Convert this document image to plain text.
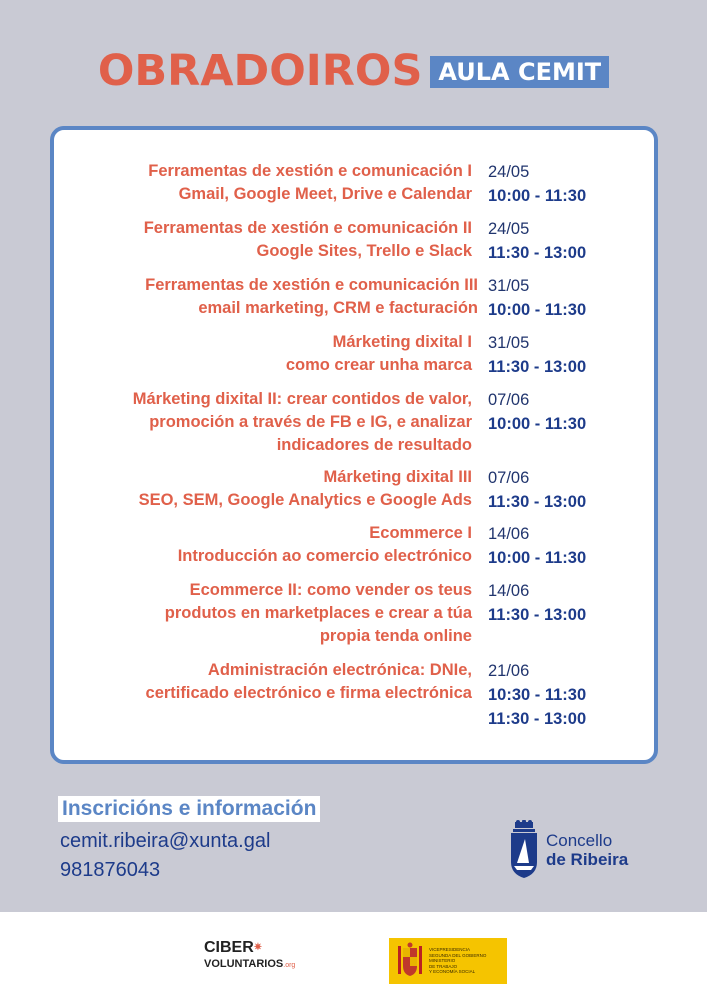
OBRADOIROS AULA CEMIT
Ferramentas de xestión e comunicación I
Gmail, Google Meet, Drive e Calendar
24/05
10:00 - 11:30
Ferramentas de xestión e comunicación II
Google Sites, Trello e Slack
24/05
11:30 - 13:00
Ferramentas de xestión e comunicación III
email marketing, CRM e facturación
31/05
10:00 - 11:30
Márketing dixital I
como crear unha marca
31/05
11:30 - 13:00
Márketing dixital II: crear contidos de valor,
promoción a través de FB e IG, e analizar
indicadores de resultado
07/06
10:00 - 11:30
Márketing dixital III
SEO, SEM, Google Analytics e Google Ads
07/06
11:30 - 13:00
Ecommerce I
Introducción ao comercio electrónico
14/06
10:00 - 11:30
Ecommerce II: como vender os teus
produtos en marketplaces e crear a túa
propia tenda online
14/06
11:30 - 13:00
Administración electrónica: DNIe,
certificado electrónico e firma electrónica
21/06
10:30 - 11:30
11:30 - 13:00
Inscricións e información
cemit.ribeira@xunta.gal
981876043
Concello
de Ribeira
CIBER✷
VOLUNTARIOS.org
VICEPRESIDENCIA
SEGUNDA DEL GOBIERNO
MINISTERIO
DE TRABAJO
Y ECONOMÍA SOCIAL
